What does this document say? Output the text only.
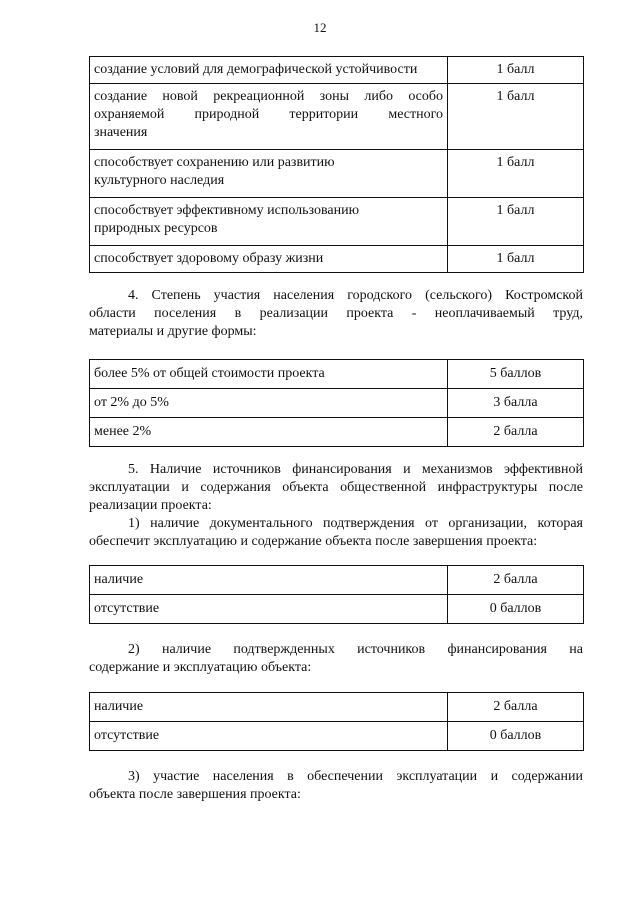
12
создание условий для демографической устойчивости	1 балл

создание новой рекреационной зоны либо особо
охраняемой природной территории местного
значения	1 балл

способствует сохранению или развитию
культурного наследия	1 балл

способствует эффективному использованию
природных ресурсов	1 балл

способствует здоровому образу жизни	1 балл
4. Степень участия населения городского (сельского) Костромской
области поселения в реализации проекта - неоплачиваемый труд,
материалы и другие формы:
более 5% от общей стоимости проекта	5 баллов
от 2% до 5%	3 балла
менее 2%	2 балла
5. Наличие источников финансирования и механизмов эффективной
эксплуатации и содержания объекта общественной инфраструктуры после
реализации проекта:
1) наличие документального подтверждения от организации, которая
обеспечит эксплуатацию и содержание объекта после завершения проекта:
наличие	2 балла
отсутствие	0 баллов
2) наличие подтвержденных источников финансирования на
содержание и эксплуатацию объекта:
наличие	2 балла
отсутствие	0 баллов
3) участие населения в обеспечении эксплуатации и содержании
объекта после завершения проекта:
